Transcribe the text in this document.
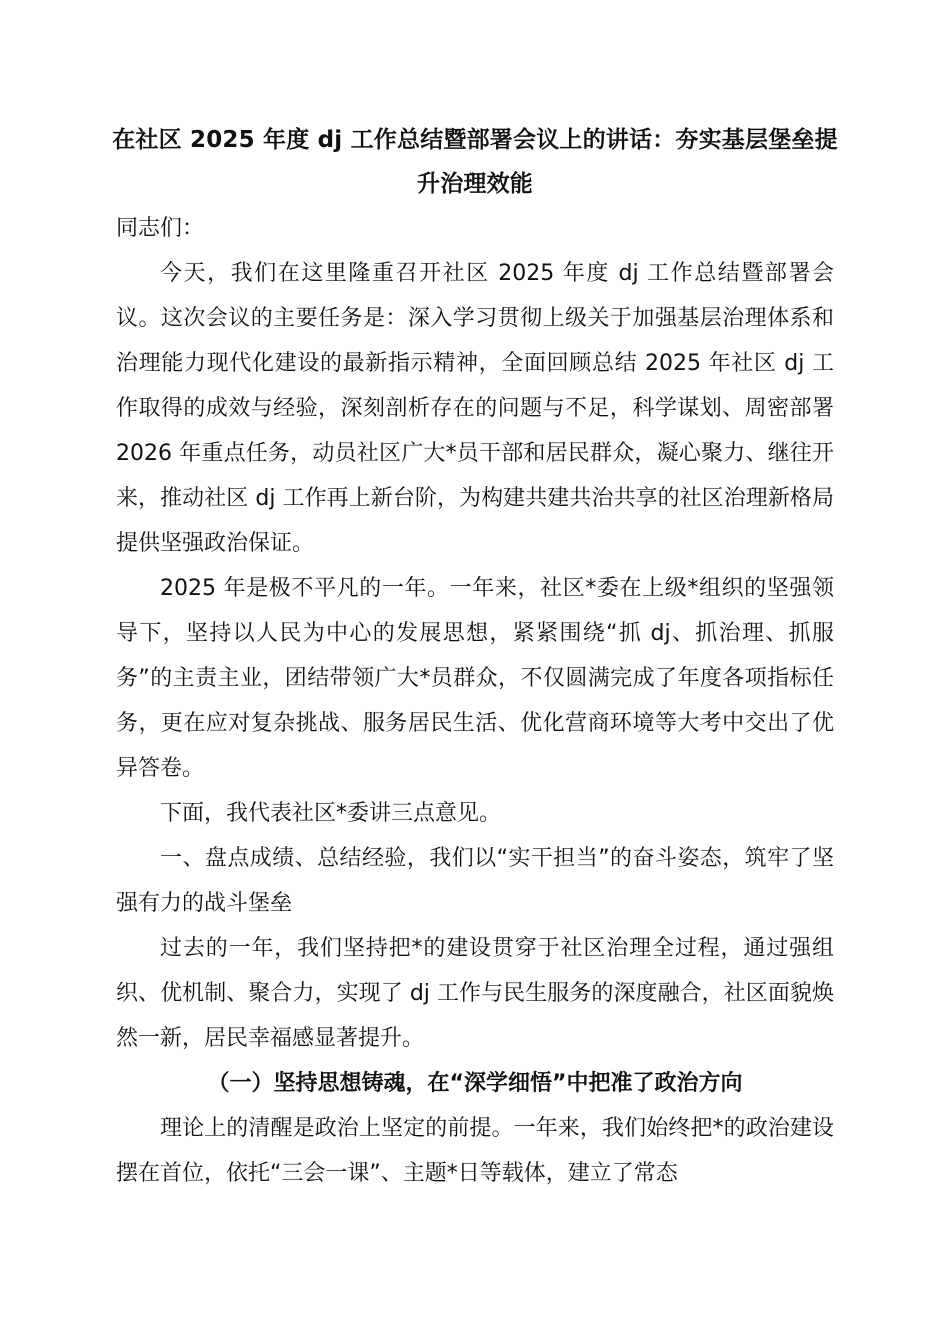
在社区 2025 年度 dj 工作总结暨部署会议上的讲话：夯实基层堡垒提升治理效能

同志们：

今天，我们在这里隆重召开社区 2025 年度 dj 工作总结暨部署会议。这次会议的主要任务是：深入学习贯彻上级关于加强基层治理体系和治理能力现代化建设的最新指示精神，全面回顾总结 2025 年社区 dj 工作取得的成效与经验，深刻剖析存在的问题与不足，科学谋划、周密部署 2026 年重点任务，动员社区广大*员干部和居民群众，凝心聚力、继往开来，推动社区 dj 工作再上新台阶，为构建共建共治共享的社区治理新格局提供坚强政治保证。

2025 年是极不平凡的一年。一年来，社区*委在上级*组织的坚强领导下，坚持以人民为中心的发展思想，紧紧围绕“抓 dj、抓治理、抓服务”的主责主业，团结带领广大*员群众，不仅圆满完成了年度各项指标任务，更在应对复杂挑战、服务居民生活、优化营商环境等大考中交出了优异答卷。

下面，我代表社区*委讲三点意见。

一、盘点成绩、总结经验，我们以“实干担当”的奋斗姿态，筑牢了坚强有力的战斗堡垒

过去的一年，我们坚持把*的建设贯穿于社区治理全过程，通过强组织、优机制、聚合力，实现了 dj 工作与民生服务的深度融合，社区面貌焕然一新，居民幸福感显著提升。

（一）坚持思想铸魂，在“深学细悟”中把准了政治方向

理论上的清醒是政治上坚定的前提。一年来，我们始终把*的政治建设摆在首位，依托“三会一课”、主题*日等载体，建立了常态
